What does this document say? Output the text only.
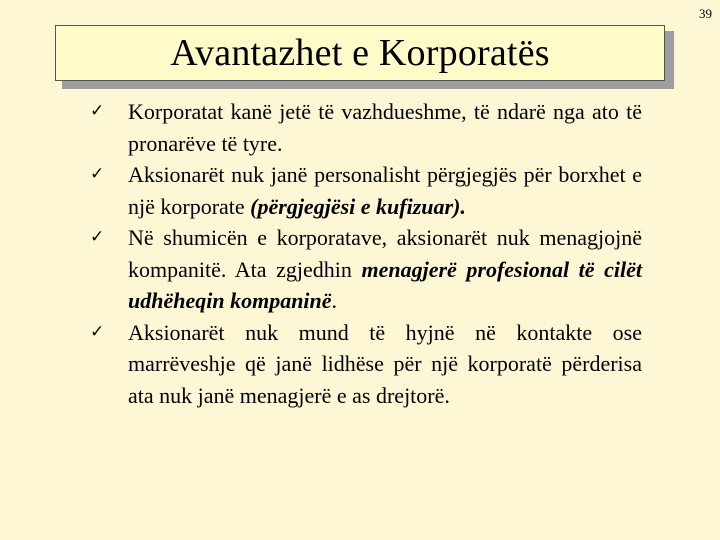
39
Avantazhet e Korporatës
✓ Korporatat kanë jetë të vazhdueshme, të ndarë nga ato të pronarëve të tyre.
✓ Aksionarët nuk janë personalisht përgjegjës për borxhet e një korporate (përgjegjësi e kufizuar).
✓ Në shumicën e korporatave, aksionarët nuk menagjojnë kompanitë. Ata zgjedhin menagjerë profesional të cilët udhëheqin kompaninë.
✓ Aksionarët nuk mund të hyjnë në kontakte ose marrëveshje që janë lidhëse për një korporatë përderisa ata nuk janë menagjerë e as drejtorë.
